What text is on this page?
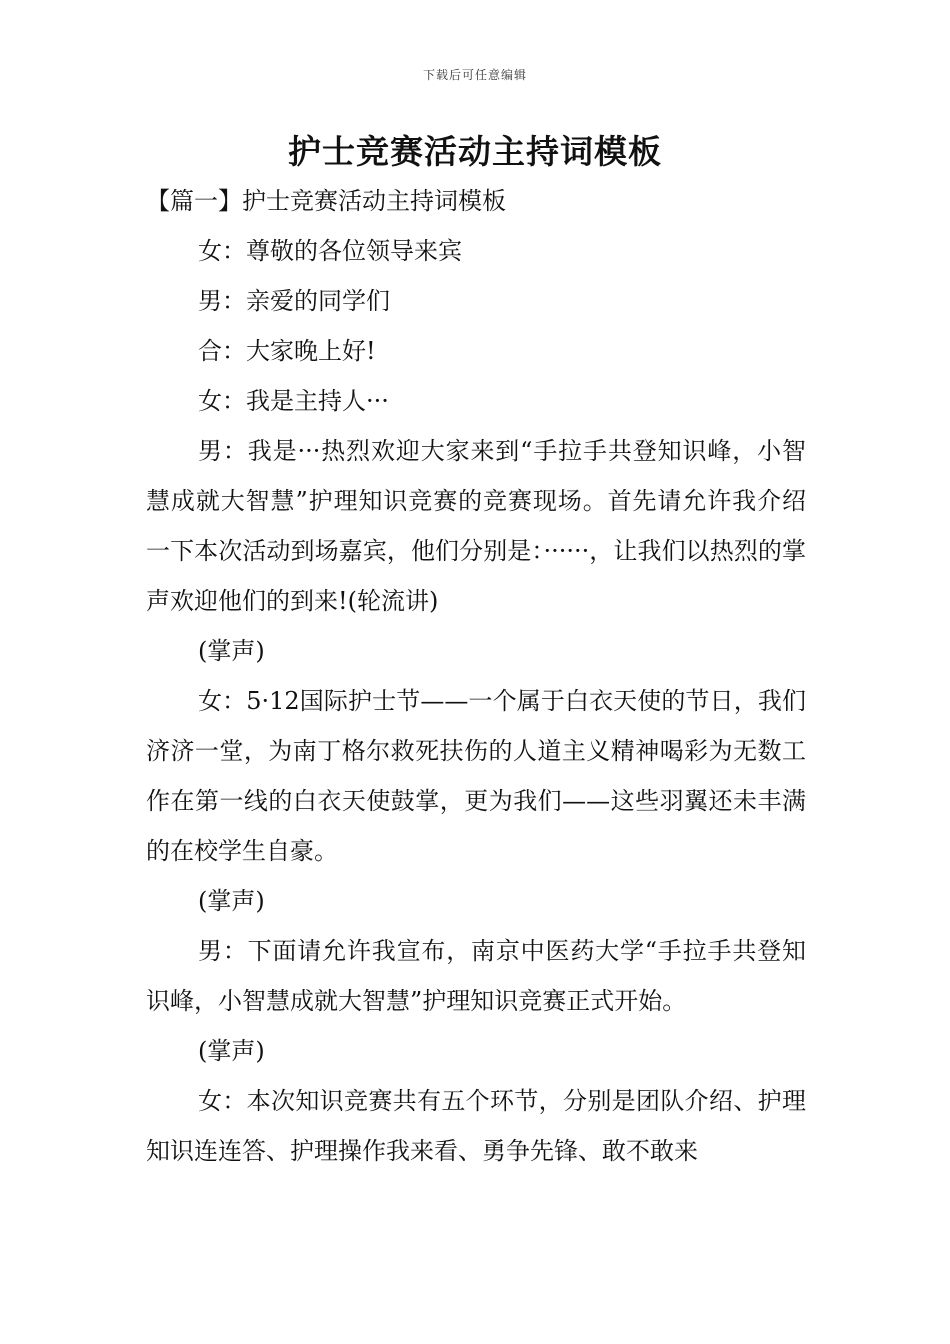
下载后可任意编辑
护士竞赛活动主持词模板

【篇一】护士竞赛活动主持词模板

女：尊敬的各位领导来宾

男：亲爱的同学们

合：大家晚上好!

女：我是主持人···

男：我是···热烈欢迎大家来到“手拉手共登知识峰，小智慧成就大智慧”护理知识竞赛的竞赛现场。首先请允许我介绍一下本次活动到场嘉宾，他们分别是：······，让我们以热烈的掌声欢迎他们的到来!(轮流讲)

(掌声)

女：5·12国际护士节——一个属于白衣天使的节日，我们济济一堂，为南丁格尔救死扶伤的人道主义精神喝彩为无数工作在第一线的白衣天使鼓掌，更为我们——这些羽翼还未丰满的在校学生自豪。

(掌声)

男：下面请允许我宣布，南京中医药大学“手拉手共登知识峰，小智慧成就大智慧”护理知识竞赛正式开始。

(掌声)

女：本次知识竞赛共有五个环节，分别是团队介绍、护理知识连连答、护理操作我来看、勇争先锋、敢不敢来
